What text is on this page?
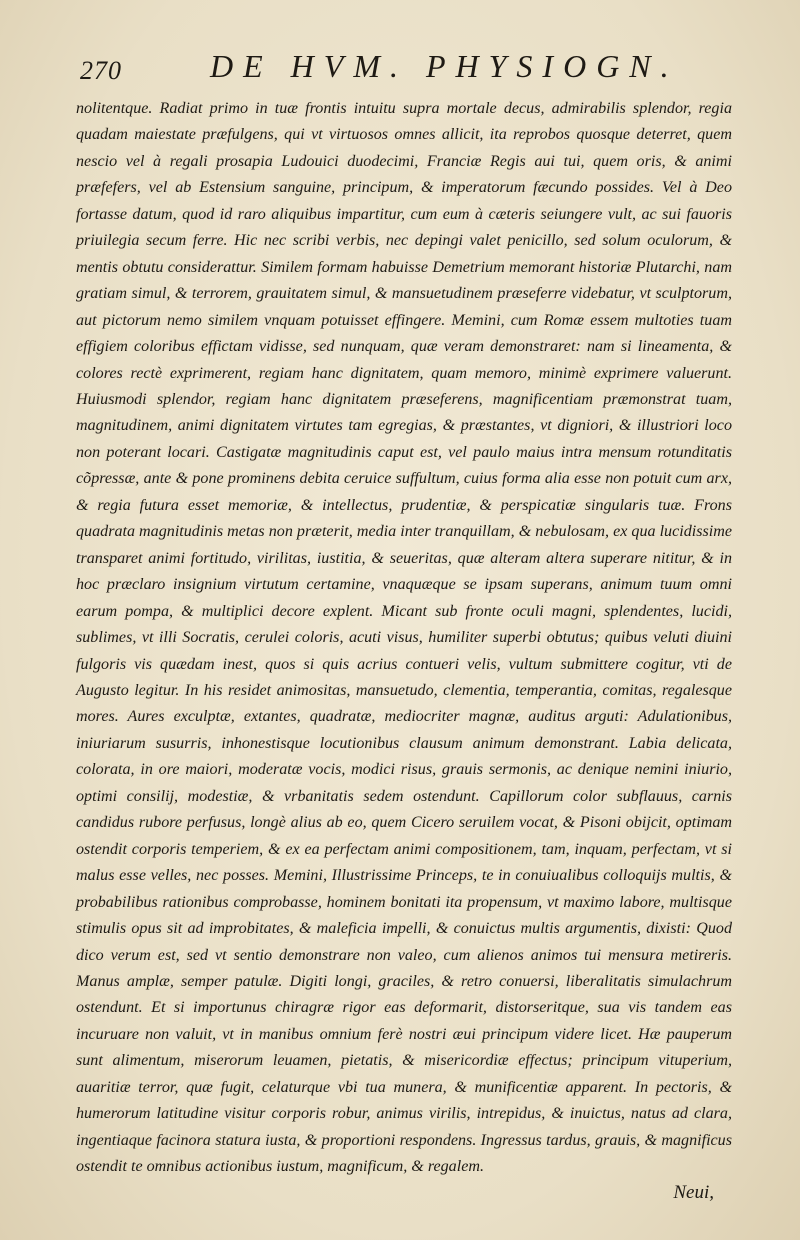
270	DE HVM. PHYSIOGN.
nolitentque. Radiat primo in tuæ frontis intuitu supra mortale decus, admirabilis splendor, regia quadam maiestate præfulgens, qui vt virtuosos omnes allicit, ita reprobos quosque deterret, quem nescio vel à regali prosapia Ludouici duodecimi, Franciæ Regis aui tui, quem oris, & animi præfefers, vel ab Estensium sanguine, principum, & imperatorum fæcundo possides. Vel à Deo fortasse datum, quod id raro aliquibus impartitur, cum eum à cæteris seiungere vult, ac sui fauoris priuilegia secum ferre. Hic nec scribi verbis, nec depingi valet penicillo, sed solum oculorum, & mentis obtutu considerattur. Similem formam habuisse Demetrium memorant historiæ Plutarchi, nam gratiam simul, & terrorem, grauitatem simul, & mansuetudinem præseferre videbatur, vt sculptorum, aut pictorum nemo similem vnquam potuisset effingere. Memini, cum Romæ essem multoties tuam effigiem coloribus effictam vidisse, sed nunquam, quæ veram demonstraret: nam si lineamenta, & colores rectè exprimerent, regiam hanc dignitatem, quam memoro, minimè exprimere valuerunt. Huiusmodi splendor, regiam hanc dignitatem præseferens, magnificentiam præmonstrat tuam, magnitudinem, animi dignitatem virtutes tam egregias, & præstantes, vt digniori, & illustriori loco non poterant locari. Castigatæ magnitudinis caput est, vel paulo maius intra mensum rotunditatis cõpressæ, ante & pone prominens debita ceruice suffultum, cuius forma alia esse non potuit cum arx, & regia futura esset memoriæ, & intellectus, prudentiæ, & perspicatiæ singularis tuæ. Frons quadrata magnitudinis metas non præterit, media inter tranquillam, & nebulosam, ex qua lucidissime transparet animi fortitudo, virilitas, iustitia, & seueritas, quæ alteram altera superare nititur, & in hoc præclaro insignium virtutum certamine, vnaquæque se ipsam superans, animum tuum omni earum pompa, & multiplici decore explent. Micant sub fronte oculi magni, splendentes, lucidi, sublimes, vt illi Socratis, cerulei coloris, acuti visus, humiliter superbi obtutus; quibus veluti diuini fulgoris vis quædam inest, quos si quis acrius contueri velis, vultum submittere cogitur, vti de Augusto legitur. In his residet animositas, mansuetudo, clementia, temperantia, comitas, regalesque mores. Aures exculptæ, extantes, quadratæ, mediocriter magnæ, auditus arguti: Adulationibus, iniuriarum susurris, inhonestisque locutionibus clausum animum demonstrant. Labia delicata, colorata, in ore maiori, moderatæ vocis, modici risus, grauis sermonis, ac denique nemini iniurio, optimi consilij, modestiæ, & vrbanitatis sedem ostendunt. Capillorum color subflauus, carnis candidus rubore perfusus, longè alius ab eo, quem Cicero seruilem vocat, & Pisoni obijcit, optimam ostendit corporis temperiem, & ex ea perfectam animi compositionem, tam, inquam, perfectam, vt si malus esse velles, nec posses. Memini, Illustrissime Princeps, te in conuiualibus colloquijs multis, & probabilibus rationibus comprobasse, hominem bonitati ita propensum, vt maximo labore, multisque stimulis opus sit ad improbitates, & maleficia impelli, & conuictus multis argumentis, dixisti: Quod dico verum est, sed vt sentio demonstrare non valeo, cum alienos animos tui mensura metireris. Manus amplæ, semper patulæ. Digiti longi, graciles, & retro conuersi, liberalitatis simulachrum ostendunt. Et si importunus chiragræ rigor eas deformarit, distorseritque, sua vis tandem eas incuruare non valuit, vt in manibus omnium ferè nostri æui principum videre licet. Hæ pauperum sunt alimentum, miserorum leuamen, pietatis, & misericordiæ effectus; principum vituperium, auaritiæ terror, quæ fugit, celaturque vbi tua munera, & munificentiæ apparent. In pectoris, & humerorum latitudine visitur corporis robur, animus virilis, intrepidus, & inuictus, natus ad clara, ingentiaque facinora statura iusta, & proportioni respondens. Ingressus tardus, grauis, & magnificus ostendit te omnibus actionibus iustum, magnificum, & regalem.
Neui,
